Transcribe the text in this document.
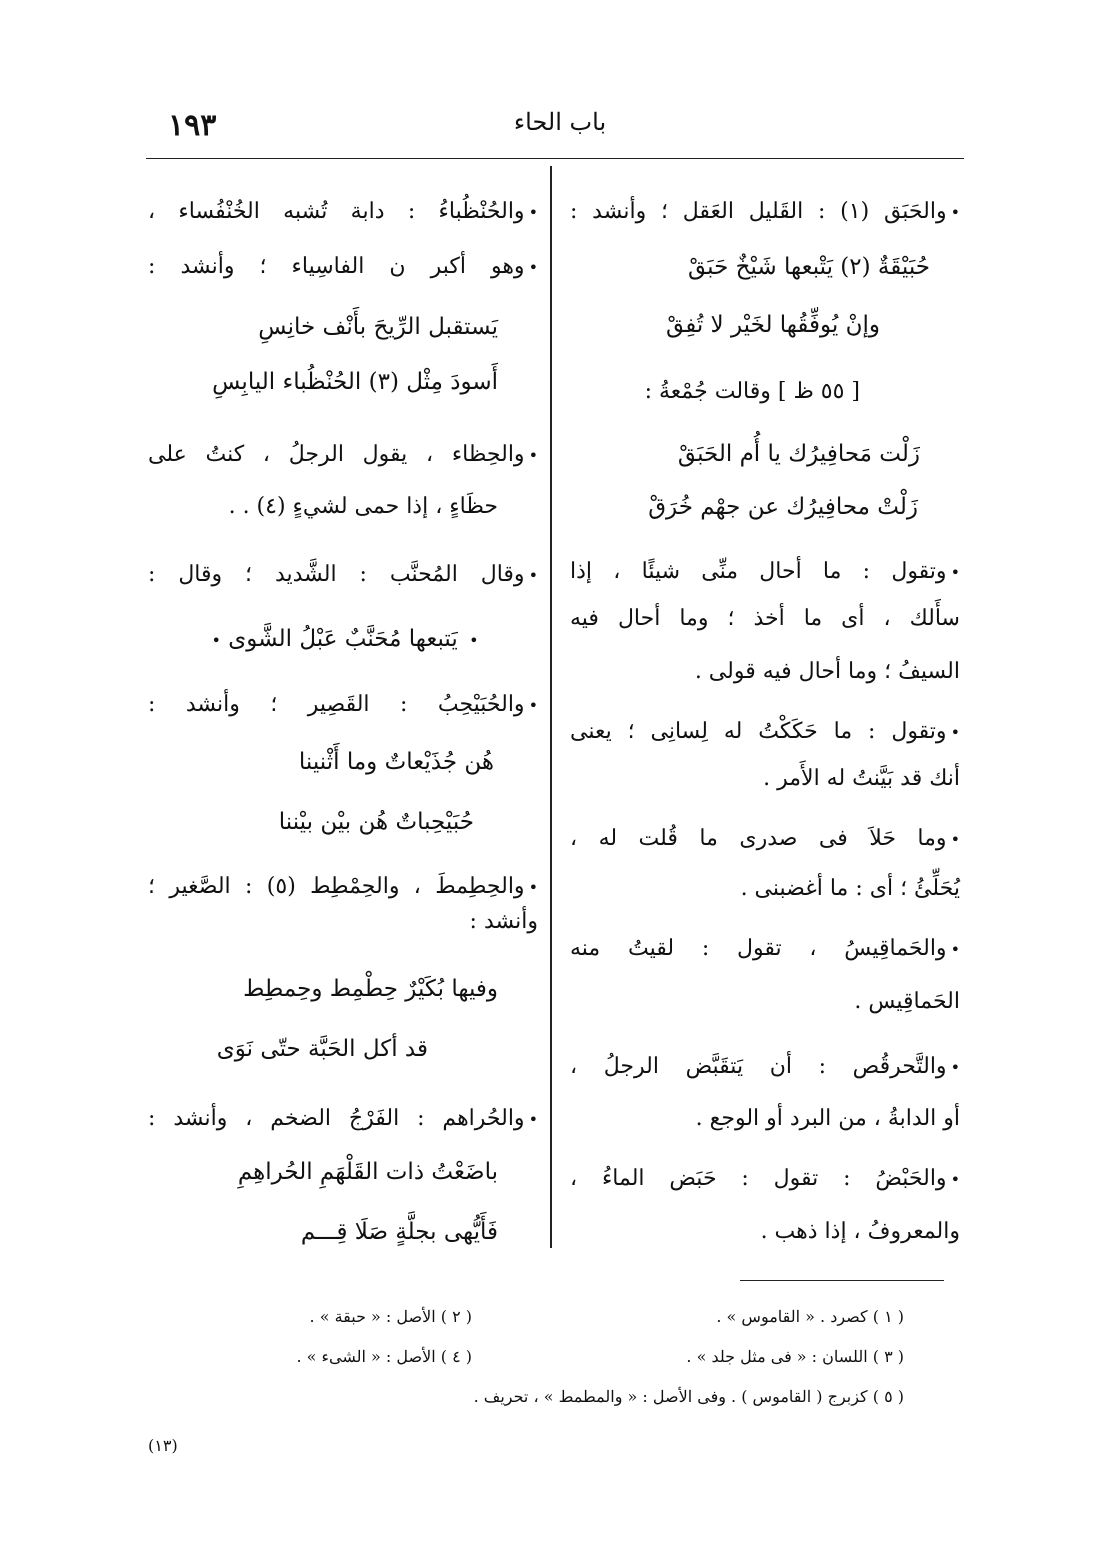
١٩٣	باب الحاء
•والحَبَق (١) : القَليل العَقل ؛ وأنشد :
حُبَيْقَةٌ (٢) يَتْبعها شَيْخٌ حَبَقْ
وإنْ يُوفِّقُها لخَيْر لا تُفِقْ
[ ٥٥ ظ ] وقالت جُمْعةُ :
زَلْت مَحافِيرُك يا أُم الحَبَقْ
زَلْتْ محافِيرُك عن جهْم خُرَقْ
•وتقول : ما أحال منِّى شيئًا ، إذا
سأَلك ، أى ما أخذ ؛ وما أحال فيه
السيفُ ؛ وما أحال فيه قولى .
•وتقول : ما حَكَكْتُ له لِسانِى ؛ يعنى
أنك قد بَيَّنتُ له الأَمر .
•وما حَلاَ فى صدرى ما قُلت له ،
يُحَلِّئُ ؛ أى : ما أغضبنى .
•والحَماقِيسُ ، تقول : لقيتُ منه
الحَماقِيس .
•والتَّحرقُص : أن يَتقَبَّض الرجلُ ،
أو الدابةُ ، من البرد أو الوجع .
•والحَبْضُ : تقول : حَبَض الماءُ ،
والمعروفُ ، إذا ذهب .
•والحُنْظُباءُ : دابة تُشبه الخُنْفُساء ،
•وهو أكبر ن الفاسِياء ؛ وأنشد :
يَستقبل الرِّيحَ بأَنْف خانِسِ
أَسودَ مِثْل (٣) الحُنْظُباء اليابِسِ
•والحِظاء ، يقول الرجلُ ، كنتُ على
حظَاءٍ ، إذا حمى لشيءٍ (٤) . .
•وقال المُحنَّب : الشَّديد ؛ وقال :
• يَتبعها مُحَنَّبٌ عَبْلُ الشَّوى •
•والحُبَيْحِبُ : القَصِير ؛ وأنشد :
هُن جُذَيْعاتٌ وما أَثْنينا
حُبَيْحِباتٌ هُن بيْن بيْننا
•والحِطِمطَ ، والحِمْطِط (٥) : الصَّغير ؛
وأنشد :
وفيها بُكَيْرٌ حِطْمِط وحِمطِط
قد أكل الحَبَّة حتّى نَوَى
•والحُراهم : الفَرْجُ الضخم ، وأنشد :
باضَعْتُ ذات القَلْهَمِ الحُراهِمِ
فَأَيُّهى بجلَّةٍ صَلَا قِـــم
( ١ ) كصرد . « القاموس » .
( ٢ ) الأصل : « حبقة » .
( ٣ ) اللسان : « فى مثل جلد » .
( ٤ ) الأصل : « الشىء » .
( ٥ ) كزبرج ( القاموس ) . وفى الأصل : « والمطمط » ، تحريف .
(١٣)
